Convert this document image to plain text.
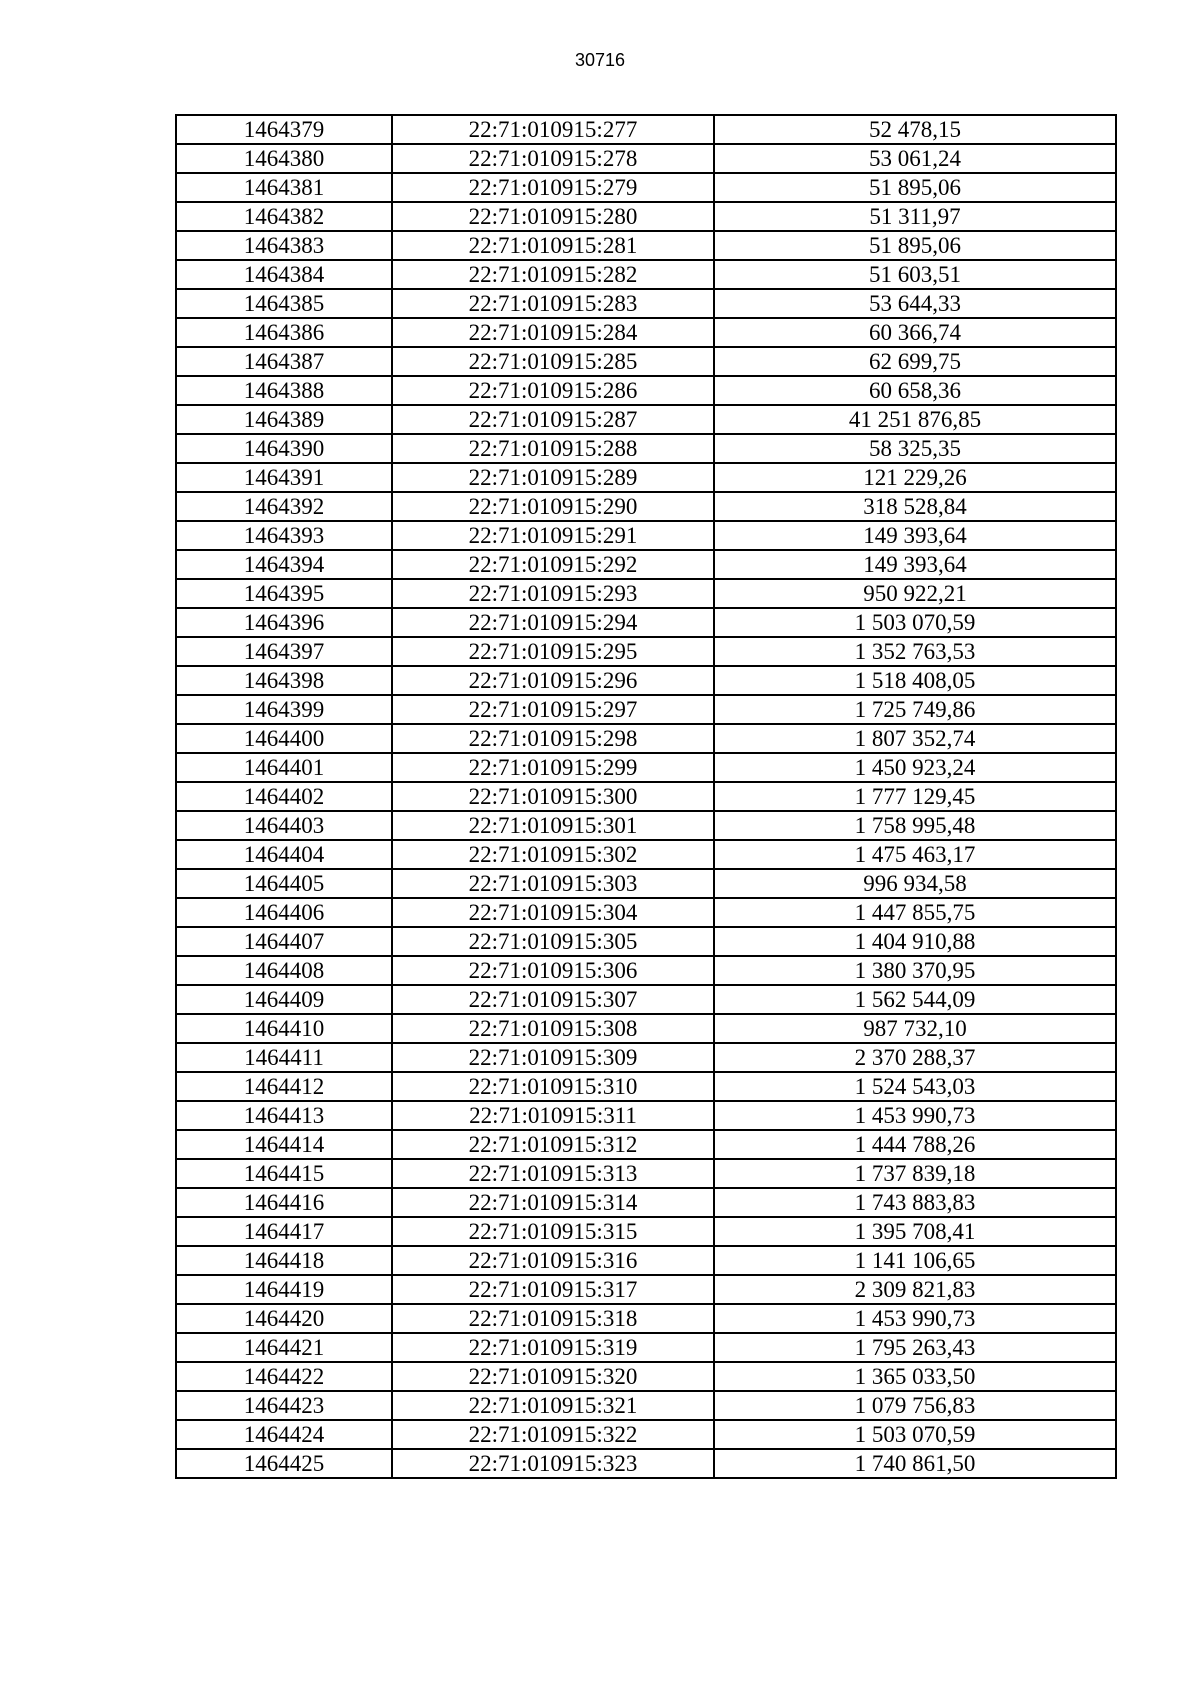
30716
1464379	22:71:010915:277	52 478,15
1464380	22:71:010915:278	53 061,24
1464381	22:71:010915:279	51 895,06
1464382	22:71:010915:280	51 311,97
1464383	22:71:010915:281	51 895,06
1464384	22:71:010915:282	51 603,51
1464385	22:71:010915:283	53 644,33
1464386	22:71:010915:284	60 366,74
1464387	22:71:010915:285	62 699,75
1464388	22:71:010915:286	60 658,36
1464389	22:71:010915:287	41 251 876,85
1464390	22:71:010915:288	58 325,35
1464391	22:71:010915:289	121 229,26
1464392	22:71:010915:290	318 528,84
1464393	22:71:010915:291	149 393,64
1464394	22:71:010915:292	149 393,64
1464395	22:71:010915:293	950 922,21
1464396	22:71:010915:294	1 503 070,59
1464397	22:71:010915:295	1 352 763,53
1464398	22:71:010915:296	1 518 408,05
1464399	22:71:010915:297	1 725 749,86
1464400	22:71:010915:298	1 807 352,74
1464401	22:71:010915:299	1 450 923,24
1464402	22:71:010915:300	1 777 129,45
1464403	22:71:010915:301	1 758 995,48
1464404	22:71:010915:302	1 475 463,17
1464405	22:71:010915:303	996 934,58
1464406	22:71:010915:304	1 447 855,75
1464407	22:71:010915:305	1 404 910,88
1464408	22:71:010915:306	1 380 370,95
1464409	22:71:010915:307	1 562 544,09
1464410	22:71:010915:308	987 732,10
1464411	22:71:010915:309	2 370 288,37
1464412	22:71:010915:310	1 524 543,03
1464413	22:71:010915:311	1 453 990,73
1464414	22:71:010915:312	1 444 788,26
1464415	22:71:010915:313	1 737 839,18
1464416	22:71:010915:314	1 743 883,83
1464417	22:71:010915:315	1 395 708,41
1464418	22:71:010915:316	1 141 106,65
1464419	22:71:010915:317	2 309 821,83
1464420	22:71:010915:318	1 453 990,73
1464421	22:71:010915:319	1 795 263,43
1464422	22:71:010915:320	1 365 033,50
1464423	22:71:010915:321	1 079 756,83
1464424	22:71:010915:322	1 503 070,59
1464425	22:71:010915:323	1 740 861,50
